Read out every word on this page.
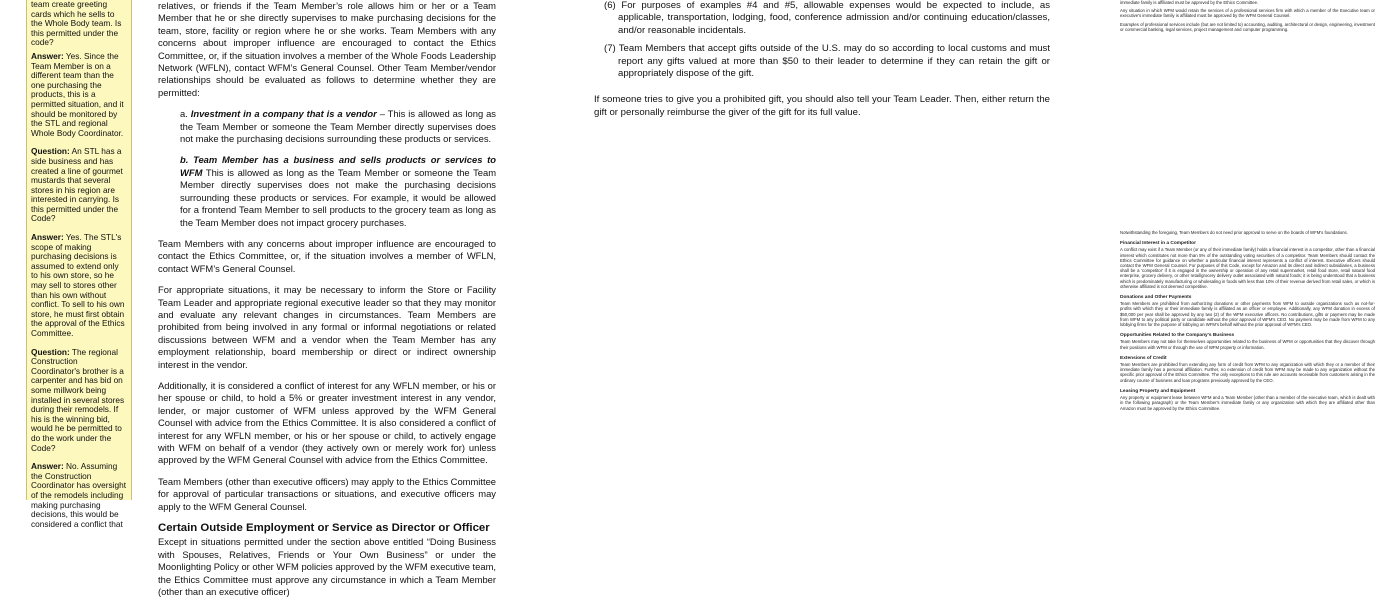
team create greeting cards which he sells to the Whole Body team. Is this permitted under the code?
Answer: Yes. Since the Team Member is on a different team than the one purchasing the products, this is a permitted situation, and it should be monitored by the STL and regional Whole Body Coordinator.
Question: An STL has a side business and has created a line of gourmet mustards that several stores in his region are interested in carrying. Is this permitted under the Code?
Answer: Yes. The STL's scope of making purchasing decisions is assumed to extend only to his own store, so he may sell to stores other than his own without conflict. To sell to his own store, he must first obtain the approval of the Ethics Committee.
Question: The regional Construction Coordinator's brother is a carpenter and has bid on some millwork being installed in several stores during their remodels. If his is the winning bid, would he be permitted to do the work under the Code?
Answer: No. Assuming the Construction Coordinator has oversight of the remodels including making purchasing decisions, this would be considered a conflict that

relatives, or friends if the Team Member’s role allows him or her or a Team Member that he or she directly supervises to make purchasing decisions for the team, store, facility or region where he or she works. Team Members with any concerns about improper influence are encouraged to contact the Ethics Committee, or, if the situation involves a member of the Whole Foods Leadership Network (WFLN), contact WFM’s General Counsel. Other Team Member/vendor relationships should be evaluated as follows to determine whether they are permitted:

a. Investment in a company that is a vendor – This is allowed as long as the Team Member or someone the Team Member directly supervises does not make the purchasing decisions surrounding these products or services.

b. Team Member has a business and sells products or services to WFM This is allowed as long as the Team Member or someone the Team Member directly supervises does not make the purchasing decisions surrounding these products or services. For example, it would be allowed for a frontend Team Member to sell products to the grocery team as long as the Team Member does not impact grocery purchases.

Team Members with any concerns about improper influence are encouraged to contact the Ethics Committee, or, if the situation involves a member of WFLN, contact WFM’s General Counsel.

For appropriate situations, it may be necessary to inform the Store or Facility Team Leader and appropriate regional executive leader so that they may monitor and evaluate any relevant changes in circumstances. Team Members are prohibited from being involved in any formal or informal negotiations or related discussions between WFM and a vendor when the Team Member has any employment relationship, board membership or direct or indirect ownership interest in the vendor.

Additionally, it is considered a conflict of interest for any WFLN member, or his or her spouse or child, to hold a 5% or greater investment interest in any vendor, lender, or major customer of WFM unless approved by the WFM General Counsel with advice from the Ethics Committee. It is also considered a conflict of interest for any WFLN member, or his or her spouse or child, to actively engage with WFM on behalf of a vendor (they actively own or merely work for) unless approved by the WFM General Counsel with advice from the Ethics Committee.

Team Members (other than executive officers) may apply to the Ethics Committee for approval of particular transactions or situations, and executive officers may apply to the WFM General Counsel.

Certain Outside Employment or Service as Director or Officer

Except in situations permitted under the section above entitled “Doing Business with Spouses, Relatives, Friends or Your Own Business” or under the Moonlighting Policy or other WFM policies approved by the WFM executive team, the Ethics Committee must approve any circumstance in which a Team Member (other than an executive officer)

(6) For purposes of examples #4 and #5, allowable expenses would be expected to include, as applicable, transportation, lodging, food, conference admission and/or continuing education/classes, and/or reasonable incidentals.
(7) Team Members that accept gifts outside of the U.S. may do so according to local customs and must report any gifts valued at more than $50 to their leader to determine if they can retain the gift or appropriately dispose of the gift.

If someone tries to give you a prohibited gift, you should also tell your Team Leader. Then, either return the gift or personally reimburse the giver of the gift for its full value.

immediate family is affiliated must be approved by the Ethics Committee.
Any situation in which WFM would retain the services of a professional services firm with which a member of the Executive team or executive's immediate family is affiliated must be approved by the WFM General Counsel.
Examples of professional services include (but are not limited to) accounting, auditing, architectural or design, engineering, investment or commercial banking, legal services, project management and computer programming.
Notwithstanding the foregoing, Team Members do not need prior approval to serve on the boards of WFM's foundations.
Financial Interest in a Competitor
A conflict may exist if a Team Member (or any of their immediate family) holds a financial interest in a competitor, other than a financial interest which constitutes not more than 5% of the outstanding voting securities of a competitor. Team Members should contact the Ethics Committee for guidance on whether a particular financial interest represents a conflict of interest. Executive officers should contact the WFM General Counsel. For purposes of this Code, except for Amazon and its direct and indirect subsidiaries, a business shall be a 'competitor' if it is engaged in the ownership or operation of any retail supermarket, retail food store, retail natural food enterprise, grocery delivery, or other retail/grocery delivery outlet associated with natural foods; it is being understood that a business which is predominately manufacturing or wholesaling in foods with less than 10% of their revenue derived from retail sales, or which is otherwise affiliated is not deemed competitive.
Donations and Other Payments
Team Members are prohibited from authorizing donations or other payments from WFM to outside organizations such as not-for-profits with which they or their immediate family is affiliated as an officer or employee. Additionally, any WFM donation in excess of $50,000 per year shall be approved by any two (2) of the WFM executive officers. No contributions, gifts or payment may be made from WFM to any political party or candidate without the prior approval of WFM's CEO. No payment may be made from WFM to any lobbying firms for the purpose of lobbying on WFM's behalf without the prior approval of WFM's CEO.
Opportunities Related to the Company's Business
Team Members may not take for themselves opportunities related to the business of WFM or opportunities that they discover through their positions with WFM or through the use of WFM property or information.
Extensions of Credit
Team Members are prohibited from extending any form of credit from WFM to any organization with which they or a member of their immediate family has a personal affiliation. Further, no extension of credit from WFM may be made to any organization without the specific prior approval of the Ethics Committee. The only exceptions to this rule are accounts receivable from customers arising in the ordinary course of business and loan programs previously approved by the CEO.
Leasing Property and Equipment
Any property or equipment lease between WFM and a Team Member (other than a member of the executive team, which is dealt with in the following paragraph) or the Team Member's immediate family or any organization with which they are affiliated other than Amazon must be approved by the Ethics Committee.
